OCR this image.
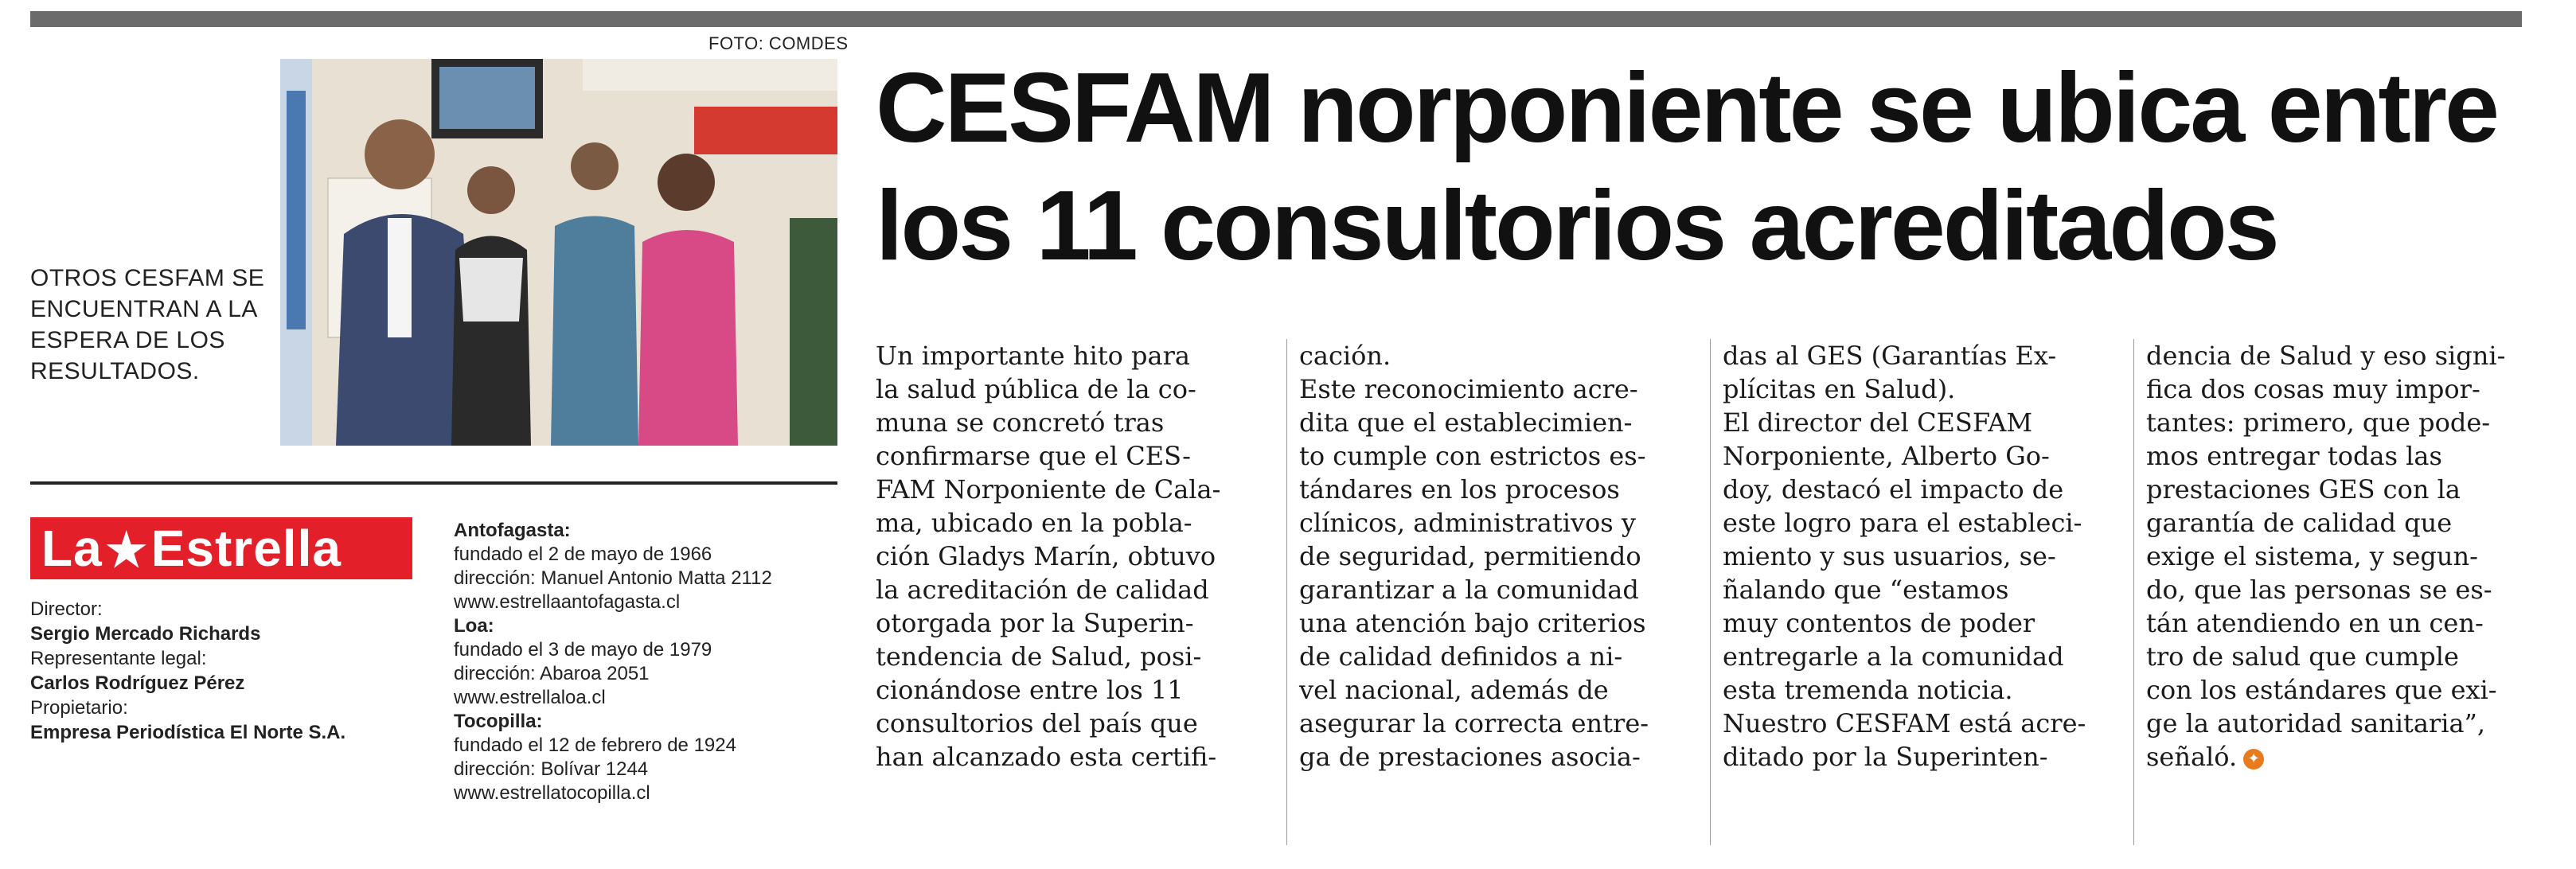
FOTO: COMDES
OTROS CESFAM SE
ENCUENTRAN A LA
ESPERA DE LOS
RESULTADOS.
La★Estrella
Director:
Sergio Mercado Richards
Representante legal:
Carlos Rodríguez Pérez
Propietario:
Empresa Periodística El Norte S.A.
Antofagasta:
fundado el 2 de mayo de 1966
dirección: Manuel Antonio Matta 2112
www.estrellaantofagasta.cl
Loa:
fundado el 3 de mayo de 1979
dirección: Abaroa 2051
www.estrellaloa.cl
Tocopilla:
fundado el 12 de febrero de 1924
dirección: Bolívar 1244
www.estrellatocopilla.cl
CESFAM norponiente se ubica entre
los 11 consultorios acreditados
Un importante hito para
la salud pública de la co-
muna se concretó tras
confirmarse que el CES-
FAM Norponiente de Cala-
ma, ubicado en la pobla-
ción Gladys Marín, obtuvo
la acreditación de calidad
otorgada por la Superin-
tendencia de Salud, posi-
cionándose entre los 11
consultorios del país que
han alcanzado esta certifi-
cación.
Este reconocimiento acre-
dita que el establecimien-
to cumple con estrictos es-
tándares en los procesos
clínicos, administrativos y
de seguridad, permitiendo
garantizar a la comunidad
una atención bajo criterios
de calidad definidos a ni-
vel nacional, además de
asegurar la correcta entre-
ga de prestaciones asocia-
das al GES (Garantías Ex-
plícitas en Salud).
El director del CESFAM
Norponiente, Alberto Go-
doy, destacó el impacto de
este logro para el estableci-
miento y sus usuarios, se-
ñalando que “estamos
muy contentos de poder
entregarle a la comunidad
esta tremenda noticia.
Nuestro CESFAM está acre-
ditado por la Superinten-
dencia de Salud y eso signi-
fica dos cosas muy impor-
tantes: primero, que pode-
mos entregar todas las
prestaciones GES con la
garantía de calidad que
exige el sistema, y segun-
do, que las personas se es-
tán atendiendo en un cen-
tro de salud que cumple
con los estándares que exi-
ge la autoridad sanitaria”,
señaló. ✦
